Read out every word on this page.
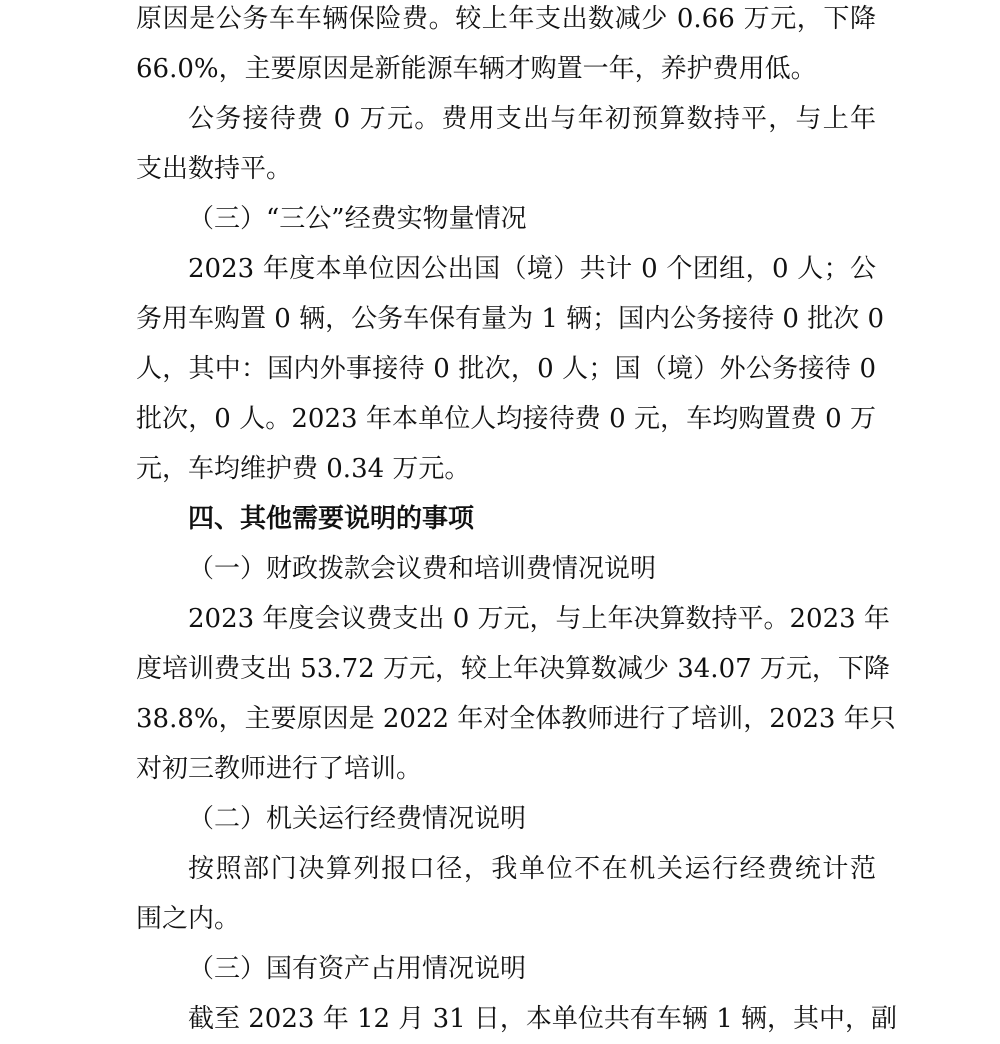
原因是公务车车辆保险费。较上年支出数减少 0.66 万元，下降
66.0%，主要原因是新能源车辆才购置一年，养护费用低。
公务接待费 0 万元。费用支出与年初预算数持平，与上年
支出数持平。
（三）“三公”经费实物量情况
2023 年度本单位因公出国（境）共计 0 个团组，0 人；公
务用车购置 0 辆，公务车保有量为 1 辆；国内公务接待 0 批次 0
人，其中：国内外事接待 0 批次，0 人；国（境）外公务接待 0
批次，0 人。2023 年本单位人均接待费 0 元，车均购置费 0 万
元，车均维护费 0.34 万元。
四、其他需要说明的事项
（一）财政拨款会议费和培训费情况说明
2023 年度会议费支出 0 万元，与上年决算数持平。2023 年
度培训费支出 53.72 万元，较上年决算数减少 34.07 万元，下降
38.8%，主要原因是 2022 年对全体教师进行了培训，2023 年只
对初三教师进行了培训。
（二）机关运行经费情况说明
按照部门决算列报口径，我单位不在机关运行经费统计范
围之内。
（三）国有资产占用情况说明
截至 2023 年 12 月 31 日，本单位共有车辆 1 辆，其中，副
